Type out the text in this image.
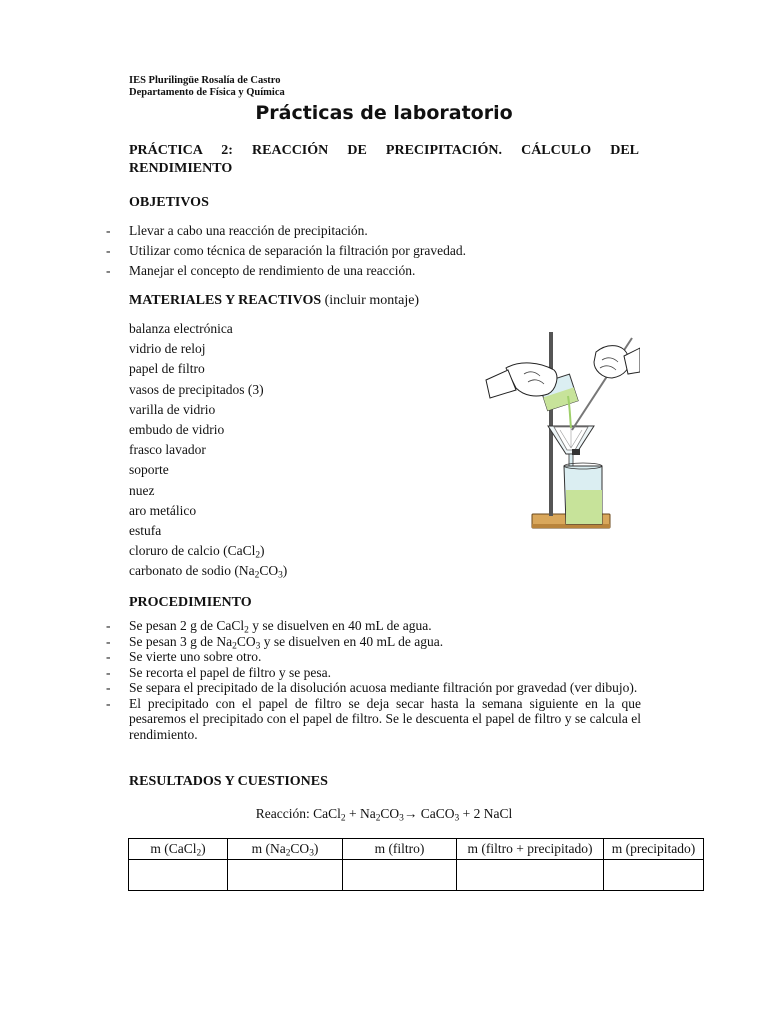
IES Plurilingüe Rosalía de Castro
Departamento de Física y Química
Prácticas de laboratorio
PRÁCTICA 2: REACCIÓN DE PRECIPITACIÓN. CÁLCULO DEL RENDIMIENTO
OBJETIVOS
- Llevar a cabo una reacción de precipitación.
- Utilizar como técnica de separación la filtración por gravedad.
- Manejar el concepto de rendimiento de una reacción.
MATERIALES Y REACTIVOS (incluir montaje)
balanza electrónica
vidrio de reloj
papel de filtro
vasos de precipitados (3)
varilla de vidrio
embudo de vidrio
frasco lavador
soporte
nuez
aro metálico
estufa
cloruro de calcio (CaCl$_2$)
carbonato de sodio $(Na_2CO_3)$
PROCEDIMIENTO
- Se pesan 2 g de CaCl$_2$ y se disuelven en 40 mL de agua.
- Se pesan 3 g de $Na_2CO_3$ y se disuelven en 40 mL de agua.
- Se vierte uno sobre otro.
- Se recorta el papel de filtro y se pesa.
- Se separa el precipitado de la disolución acuosa mediante filtración por gravedad (ver dibujo).
- El precipitado con el papel de filtro se deja secar hasta la semana siguiente en la que pesaremos el precipitado con el papel de filtro. Se le descuenta el papel de filtro y se calcula el rendimiento.
RESULTADOS Y CUESTIONES
Reacción: CaCl$_2$ + $Na_2CO_3\to$ CaCO$_3$ + 2 NaCl
m (CaCl$_2$)	m $(Na_2CO_3)$	m (filtro)	m (filtro + precipitado)	m (precipitado)
